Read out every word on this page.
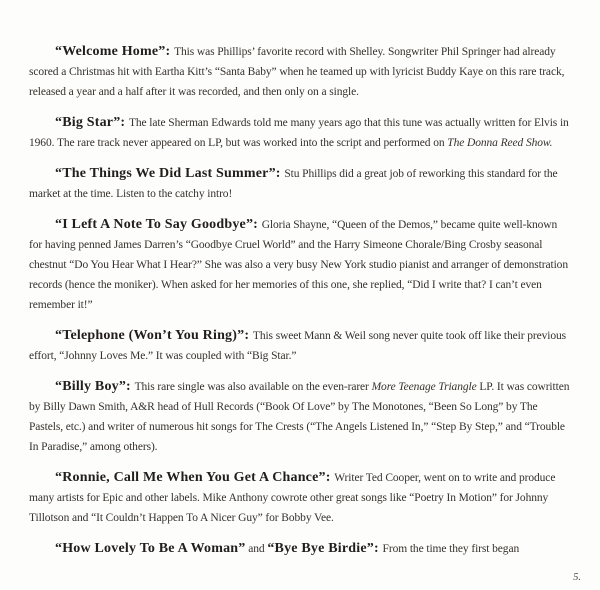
“Welcome Home”: This was Phillips’ favorite record with Shelley. Songwriter Phil Springer had already scored a Christmas hit with Eartha Kitt’s “Santa Baby” when he teamed up with lyricist Buddy Kaye on this rare track, released a year and a half after it was recorded, and then only on a single.

“Big Star”: The late Sherman Edwards told me many years ago that this tune was actually written for Elvis in 1960. The rare track never appeared on LP, but was worked into the script and performed on The Donna Reed Show.

“The Things We Did Last Summer”: Stu Phillips did a great job of reworking this standard for the market at the time. Listen to the catchy intro!

“I Left A Note To Say Goodbye”: Gloria Shayne, “Queen of the Demos,” became quite well-known for having penned James Darren’s “Goodbye Cruel World” and the Harry Simeone Chorale/Bing Crosby seasonal chestnut “Do You Hear What I Hear?” She was also a very busy New York studio pianist and arranger of demonstration records (hence the moniker). When asked for her memories of this one, she replied, “Did I write that? I can’t even remember it!”

“Telephone (Won’t You Ring)”: This sweet Mann & Weil song never quite took off like their previous effort, “Johnny Loves Me.” It was coupled with “Big Star.”

“Billy Boy”: This rare single was also available on the even-rarer More Teenage Triangle LP. It was cowritten by Billy Dawn Smith, A&R head of Hull Records (“Book Of Love” by The Monotones, “Been So Long” by The Pastels, etc.) and writer of numerous hit songs for The Crests (“The Angels Listened In,” “Step By Step,” and “Trouble In Paradise,” among others).

“Ronnie, Call Me When You Get A Chance”: Writer Ted Cooper, went on to write and produce many artists for Epic and other labels. Mike Anthony cowrote other great songs like “Poetry In Motion” for Johnny Tillotson and “It Couldn’t Happen To A Nicer Guy” for Bobby Vee.

“How Lovely To Be A Woman” and “Bye Bye Birdie”: From the time they first began

5.
